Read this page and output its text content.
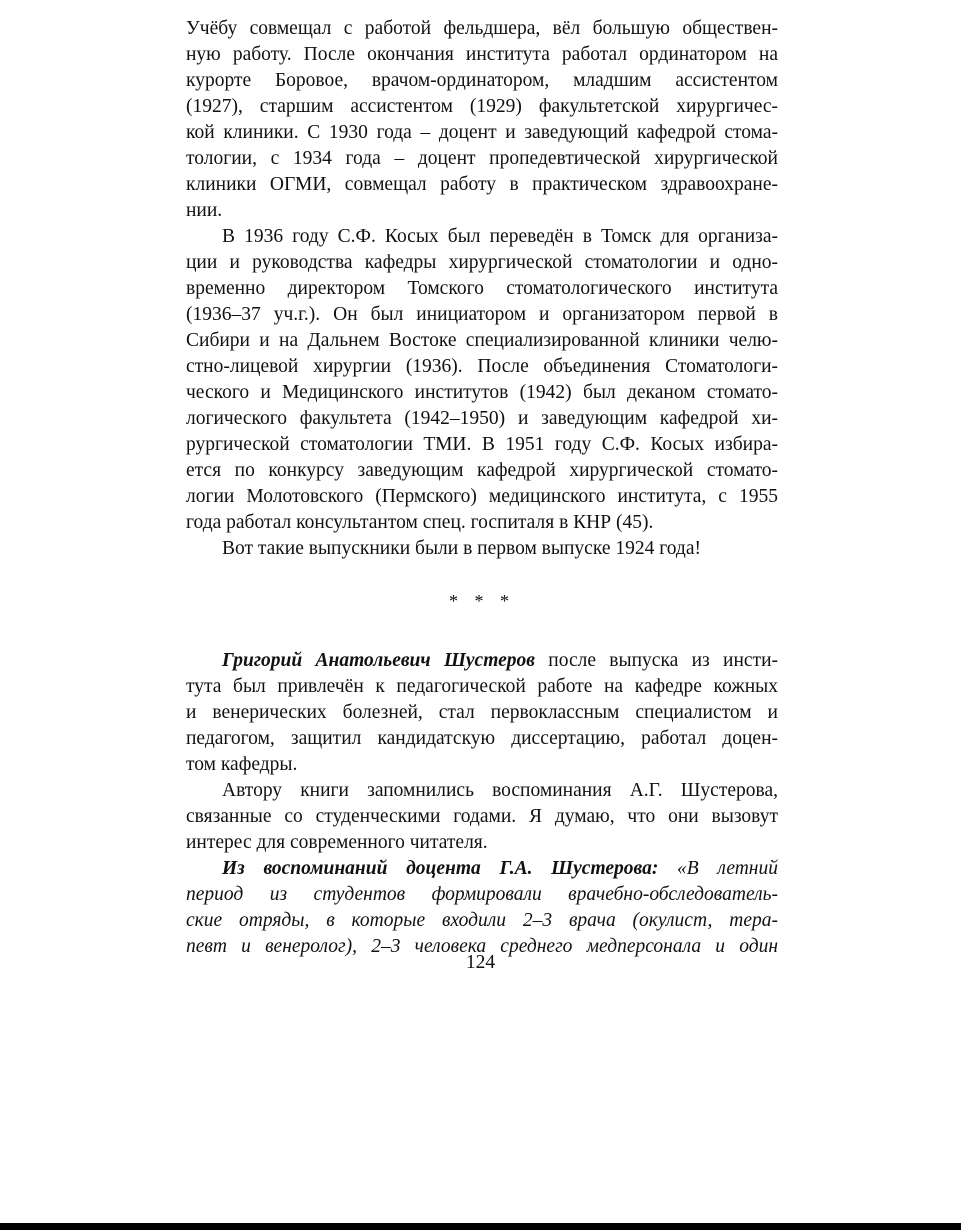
Учёбу совмещал с работой фельдшера, вёл большую обществен-
ную работу. После окончания института работал ординатором на
курорте Боровое, врачом-ординатором, младшим ассистентом
(1927), старшим ассистентом (1929) факультетской хирургичес-
кой клиники. С 1930 года – доцент и заведующий кафедрой стома-
тологии, с 1934 года – доцент пропедевтической хирургической
клиники ОГМИ, совмещал работу в практическом здравоохране-
нии.
В 1936 году С.Ф. Косых был переведён в Томск для организа-
ции и руководства кафедры хирургической стоматологии и одно-
временно директором Томского стоматологического института
(1936–37 уч.г.). Он был инициатором и организатором первой в
Сибири и на Дальнем Востоке специализированной клиники челю-
стно-лицевой хирургии (1936). После объединения Стоматологи-
ческого и Медицинского институтов (1942) был деканом стомато-
логического факультета (1942–1950) и заведующим кафедрой хи-
рургической стоматологии ТМИ. В 1951 году С.Ф. Косых избира-
ется по конкурсу заведующим кафедрой хирургической стомато-
логии Молотовского (Пермского) медицинского института, с 1955
года работал консультантом спец. госпиталя в КНР (45).
Вот такие выпускники были в первом выпуске 1924 года!
* * *
Григорий Анатольевич Шустеров после выпуска из инсти-
тута был привлечён к педагогической работе на кафедре кожных
и венерических болезней, стал первоклассным специалистом и
педагогом, защитил кандидатскую диссертацию, работал доцен-
том кафедры.
Автору книги запомнились воспоминания А.Г. Шустерова,
связанные со студенческими годами. Я думаю, что они вызовут
интерес для современного читателя.
Из воспоминаний доцента Г.А. Шустерова: «В летний
период из студентов формировали врачебно-обследователь-
ские отряды, в которые входили 2–3 врача (окулист, тера-
певт и венеролог), 2–3 человека среднего медперсонала и один
124
